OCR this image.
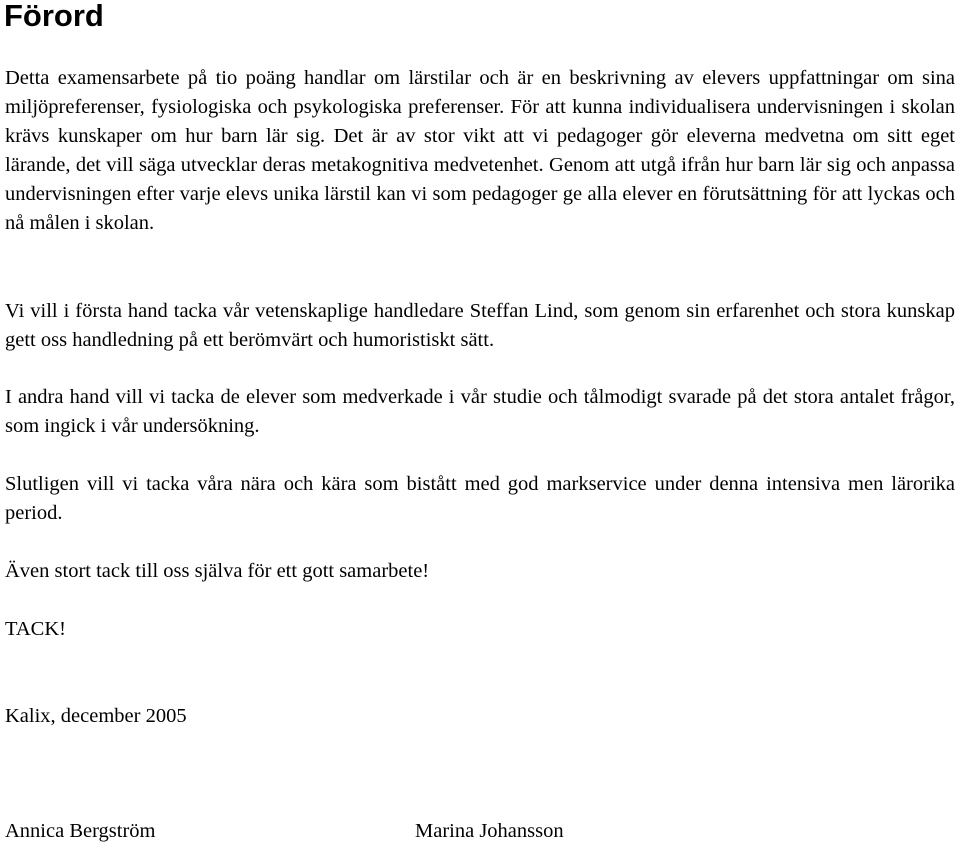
Förord

Detta examensarbete på tio poäng handlar om lärstilar och är en beskrivning av elevers uppfattningar om sina miljöpreferenser, fysiologiska och psykologiska preferenser. För att kunna individualisera undervisningen i skolan krävs kunskaper om hur barn lär sig. Det är av stor vikt att vi pedagoger gör eleverna medvetna om sitt eget lärande, det vill säga utvecklar deras metakognitiva medvetenhet. Genom att utgå ifrån hur barn lär sig och anpassa undervisningen efter varje elevs unika lärstil kan vi som pedagoger ge alla elever en förutsättning för att lyckas och nå målen i skolan.

Vi vill i första hand tacka vår vetenskaplige handledare Steffan Lind, som genom sin erfarenhet och stora kunskap gett oss handledning på ett berömvärt och humoristiskt sätt.

I andra hand vill vi tacka de elever som medverkade i vår studie och tålmodigt svarade på det stora antalet frågor, som ingick i vår undersökning.

Slutligen vill vi tacka våra nära och kära som bistått med god markservice under denna intensiva men lärorika period.

Även stort tack till oss själva för ett gott samarbete!

TACK!

Kalix, december 2005

Annica Bergström	Marina Johansson
